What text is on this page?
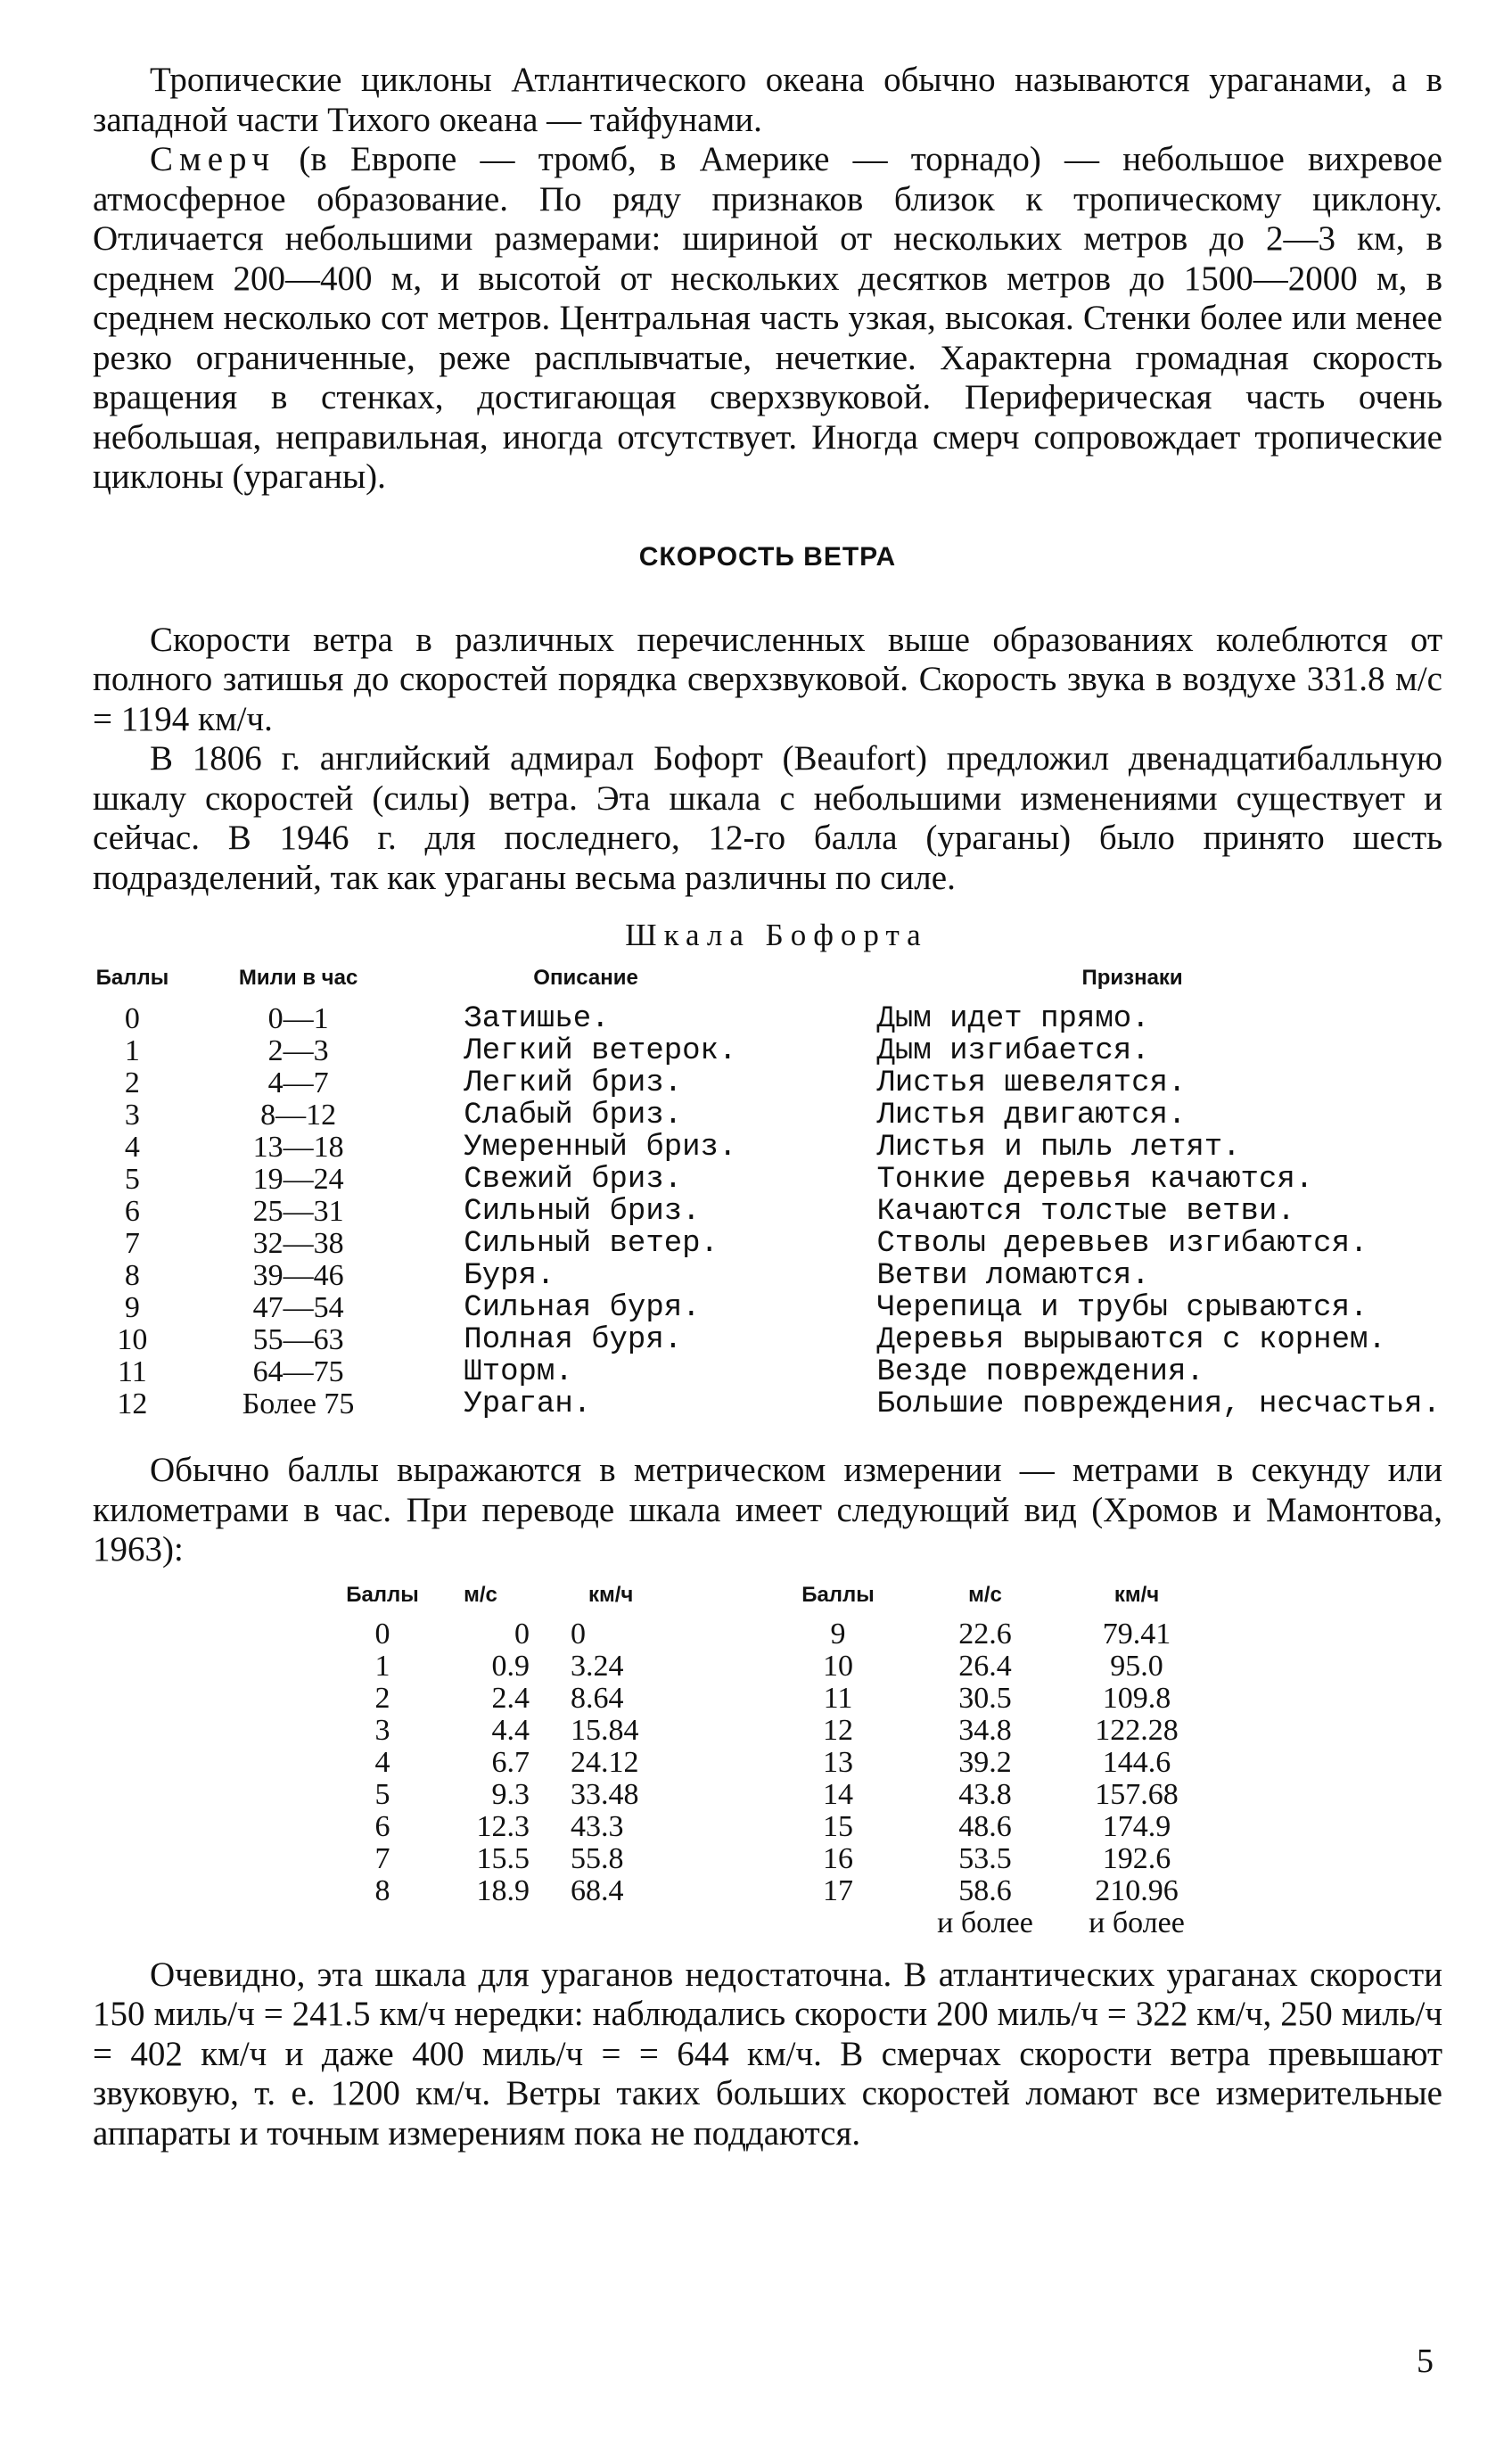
Тропические циклоны Атлантического океана обычно называются ураганами, а в западной части Тихого океана — тайфунами.

Смерч (в Европе — тромб, в Америке — торнадо) — небольшое вихревое атмосферное образование. По ряду признаков близок к тропическому циклону. Отличается небольшими размерами: шириной от нескольких метров до 2—3 км, в среднем 200—400 м, и высотой от нескольких десятков метров до 1500—2000 м, в среднем несколько сот метров. Центральная часть узкая, высокая. Стенки более или менее резко ограниченные, реже расплывчатые, нечеткие. Характерна громадная скорость вращения в стенках, достигающая сверхзвуковой. Периферическая часть очень небольшая, неправильная, иногда отсутствует. Иногда смерч сопровождает тропические циклоны (ураганы).

СКОРОСТЬ ВЕТРА

Скорости ветра в различных перечисленных выше образованиях колеблются от полного затишья до скоростей порядка сверхзвуковой. Скорость звука в воздухе 331.8 м/с = 1194 км/ч.

В 1806 г. английский адмирал Бофорт (Beaufort) предложил двенадцатибалльную шкалу скоростей (силы) ветра. Эта шкала с небольшими изменениями существует и сейчас. В 1946 г. для последнего, 12-го балла (ураганы) было принято шесть подразделений, так как ураганы весьма различны по силе.

Шкала Бофорта
Баллы	Мили в час	Описание	Признаки
0	0—1	Затишье.	Дым идет прямо.
1	2—3	Легкий ветерок.	Дым изгибается.
2	4—7	Легкий бриз.	Листья шевелятся.
3	8—12	Слабый бриз.	Листья двигаются.
4	13—18	Умеренный бриз.	Листья и пыль летят.
5	19—24	Свежий бриз.	Тонкие деревья качаются.
6	25—31	Сильный бриз.	Качаются толстые ветви.
7	32—38	Сильный ветер.	Стволы деревьев изгибаются.
8	39—46	Буря.	Ветви ломаются.
9	47—54	Сильная буря.	Черепица и трубы срываются.
10	55—63	Полная буря.	Деревья вырываются с корнем.
11	64—75	Шторм.	Везде повреждения.
12	Более 75	Ураган.	Большие повреждения, несчастья.

Обычно баллы выражаются в метрическом измерении — метрами в секунду или километрами в час. При переводе шкала имеет следующий вид (Хромов и Мамонтова, 1963):

Баллы	м/с	км/ч	Баллы	м/с	км/ч
0	0	0	9	22.6	79.41
1	0.9	3.24	10	26.4	95.0
2	2.4	8.64	11	30.5	109.8
3	4.4	15.84	12	34.8	122.28
4	6.7	24.12	13	39.2	144.6
5	9.3	33.48	14	43.8	157.68
6	12.3	43.3	15	48.6	174.9
7	15.5	55.8	16	53.5	192.6
8	18.9	68.4	17	58.6	210.96
				и более	и более

Очевидно, эта шкала для ураганов недостаточна. В атлантических ураганах скорости 150 миль/ч = 241.5 км/ч нередки: наблюдались скорости 200 миль/ч = 322 км/ч, 250 миль/ч = 402 км/ч и даже 400 миль/ч = = 644 км/ч. В смерчах скорости ветра превышают звуковую, т. е. 1200 км/ч. Ветры таких больших скоростей ломают все измерительные аппараты и точным измерениям пока не поддаются.

5
